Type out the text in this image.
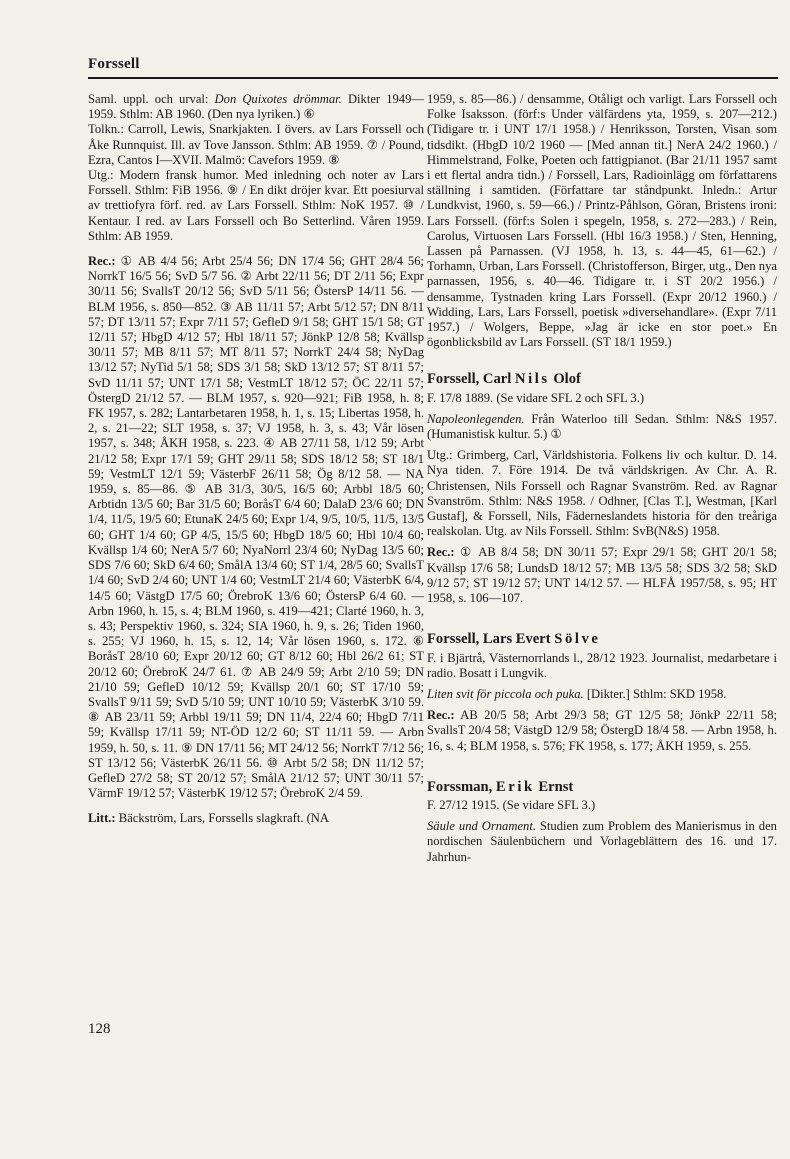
Forssell

Saml. uppl. och urval: Don Quixotes drömmar. Dikter 1949—1959. Sthlm: AB 1960. (Den nya lyriken.) ⑥

Tolkn.: Carroll, Lewis, Snarkjakten. I övers. av Lars Forssell och Åke Runnquist. Ill. av Tove Jansson. Sthlm: AB 1959. ⑦ / Pound, Ezra, Cantos I—XVII. Malmö: Cavefors 1959. ⑧

Utg.: Modern fransk humor. Med inledning och noter av Lars Forssell. Sthlm: FiB 1956. ⑨ / En dikt dröjer kvar. Ett poesiurval av trettiofyra förf. red. av Lars Forssell. Sthlm: NoK 1957. ⑩ / Kentaur. I red. av Lars Forssell och Bo Setterlind. Våren 1959. Sthlm: AB 1959.

Rec.: ① AB 4/4 56; Arbt 25/4 56; DN 17/4 56; GHT 28/4 56; NorrkT 16/5 56; SvD 5/7 56. ② Arbt 22/11 56; DT 2/11 56; Expr 30/11 56; SvallsT 20/12 56; SvD 5/11 56; ÖstersP 14/11 56. — BLM 1956, s. 850—852. ③ AB 11/11 57; Arbt 5/12 57; DN 8/11 57; DT 13/11 57; Expr 7/11 57; GefleD 9/1 58; GHT 15/1 58; GT 12/11 57; HbgD 4/12 57; Hbl 18/11 57; JönkP 12/8 58; Kvällsp 30/11 57; MB 8/11 57; MT 8/11 57; NorrkT 24/4 58; NyDag 13/12 57; NyTid 5/1 58; SDS 3/1 58; SkD 13/12 57; ST 8/11 57; SvD 11/11 57; UNT 17/1 58; VestmLT 18/12 57; ÖC 22/11 57; ÖstergD 21/12 57. — BLM 1957, s. 920—921; FiB 1958, h. 8; FK 1957, s. 282; Lantarbetaren 1958, h. 1, s. 15; Libertas 1958, h. 2, s. 21—22; SLT 1958, s. 37; VJ 1958, h. 3, s. 43; Vår lösen 1957, s. 348; ÅKH 1958, s. 223. ④ AB 27/11 58, 1/12 59; Arbt 21/12 58; Expr 17/1 59; GHT 29/11 58; SDS 18/12 58; ST 18/1 59; VestmLT 12/1 59; VästerbF 26/11 58; Ög 8/12 58. — NA 1959, s. 85—86. ⑤ AB 31/3, 30/5, 16/5 60; Arbbl 18/5 60; Arbtidn 13/5 60; Bar 31/5 60; BoråsT 6/4 60; DalaD 23/6 60; DN 1/4, 11/5, 19/5 60; EtunaK 24/5 60; Expr 1/4, 9/5, 10/5, 11/5, 13/5 60; GHT 1/4 60; GP 4/5, 15/5 60; HbgD 18/5 60; Hbl 10/4 60; Kvällsp 1/4 60; NerA 5/7 60; NyaNorrl 23/4 60; NyDag 13/5 60; SDS 7/6 60; SkD 6/4 60; SmålA 13/4 60; ST 1/4, 28/5 60; SvallsT 1/4 60; SvD 2/4 60; UNT 1/4 60; VestmLT 21/4 60; VästerbK 6/4, 14/5 60; VästgD 17/5 60; ÖrebroK 13/6 60; ÖstersP 6/4 60. — Arbn 1960, h. 15, s. 4; BLM 1960, s. 419—421; Clarté 1960, h. 3, s. 43; Perspektiv 1960, s. 324; SIA 1960, h. 9, s. 26; Tiden 1960, s. 255; VJ 1960, h. 15, s. 12, 14; Vår lösen 1960, s. 172. ⑥ BoråsT 28/10 60; Expr 20/12 60; GT 8/12 60; Hbl 26/2 61; ST 20/12 60; ÖrebroK 24/7 61. ⑦ AB 24/9 59; Arbt 2/10 59; DN 21/10 59; GefleD 10/12 59; Kvällsp 20/1 60; ST 17/10 59; SvallsT 9/11 59; SvD 5/10 59; UNT 10/10 59; VästerbK 3/10 59. ⑧ AB 23/11 59; Arbbl 19/11 59; DN 11/4, 22/4 60; HbgD 7/11 59; Kvällsp 17/11 59; NT-ÖD 12/2 60; ST 11/11 59. — Arbn 1959, h. 50, s. 11. ⑨ DN 17/11 56; MT 24/12 56; NorrkT 7/12 56; ST 13/12 56; VästerbK 26/11 56. ⑩ Arbt 5/2 58; DN 11/12 57; GefleD 27/2 58; ST 20/12 57; SmålA 21/12 57; UNT 30/11 57; VärmF 19/12 57; VästerbK 19/12 57; ÖrebroK 2/4 59.

Litt.: Bäckström, Lars, Forssells slagkraft. (NA

1959, s. 85—86.) / densamme, Otåligt och varligt. Lars Forssell och Folke Isaksson. (förf:s Under välfärdens yta, 1959, s. 207—212.) (Tidigare tr. i UNT 17/1 1958.) / Henriksson, Torsten, Visan som tidsdikt. (HbgD 10/2 1960 — [Med annan tit.] NerA 24/2 1960.) / Himmelstrand, Folke, Poeten och fattigpianot. (Bar 21/11 1957 samt i ett flertal andra tidn.) / Forssell, Lars, Radioinlägg om författarens ställning i samtiden. (Författare tar ståndpunkt. Inledn.: Artur Lundkvist, 1960, s. 59—66.) / Printz-Påhlson, Göran, Bristens ironi: Lars Forssell. (förf:s Solen i spegeln, 1958, s. 272—283.) / Rein, Carolus, Virtuosen Lars Forssell. (Hbl 16/3 1958.) / Sten, Henning, Lassen på Parnassen. (VJ 1958, h. 13, s. 44—45, 61—62.) / Torhamn, Urban, Lars Forssell. (Christofferson, Birger, utg., Den nya parnassen, 1956, s. 40—46. Tidigare tr. i ST 20/2 1956.) / densamme, Tystnaden kring Lars Forssell. (Expr 20/12 1960.) / Widding, Lars, Lars Forssell, poetisk »diversehandlare». (Expr 7/11 1957.) / Wolgers, Beppe, »Jag är icke en stor poet.» En ögonblicksbild av Lars Forssell. (ST 18/1 1959.)

Forssell, Carl Nils Olof

F. 17/8 1889. (Se vidare SFL 2 och SFL 3.)

Napoleonlegenden. Från Waterloo till Sedan. Sthlm: N&S 1957. (Humanistisk kultur. 5.) ①

Utg.: Grimberg, Carl, Världshistoria. Folkens liv och kultur. D. 14. Nya tiden. 7. Före 1914. De två världskrigen. Av Chr. A. R. Christensen, Nils Forssell och Ragnar Svanström. Red. av Ragnar Svanström. Sthlm: N&S 1958. / Odhner, [Clas T.], Westman, [Karl Gustaf], & Forssell, Nils, Fäderneslandets historia för den treåriga realskolan. Utg. av Nils Forssell. Sthlm: SvB(N&S) 1958.

Rec.: ① AB 8/4 58; DN 30/11 57; Expr 29/1 58; GHT 20/1 58; Kvällsp 17/6 58; LundsD 18/12 57; MB 13/5 58; SDS 3/2 58; SkD 9/12 57; ST 19/12 57; UNT 14/12 57. — HLFÅ 1957/58, s. 95; HT 1958, s. 106—107.

Forssell, Lars Evert Sölve

F. i Bjärtrå, Västernorrlands l., 28/12 1923. Journalist, medarbetare i radio. Bosatt i Lungvik.

Liten svit för piccola och puka. [Dikter.] Sthlm: SKD 1958.

Rec.: AB 20/5 58; Arbt 29/3 58; GT 12/5 58; JönkP 22/11 58; SvallsT 20/4 58; VästgD 12/9 58; ÖstergD 18/4 58. — Arbn 1958, h. 16, s. 4; BLM 1958, s. 576; FK 1958, s. 177; ÅKH 1959, s. 255.

Forssman, Erik Ernst

F. 27/12 1915. (Se vidare SFL 3.)

Säule und Ornament. Studien zum Problem des Manierismus in den nordischen Säulenbüchern und Vorlageblättern des 16. und 17. Jahrhun-

128
